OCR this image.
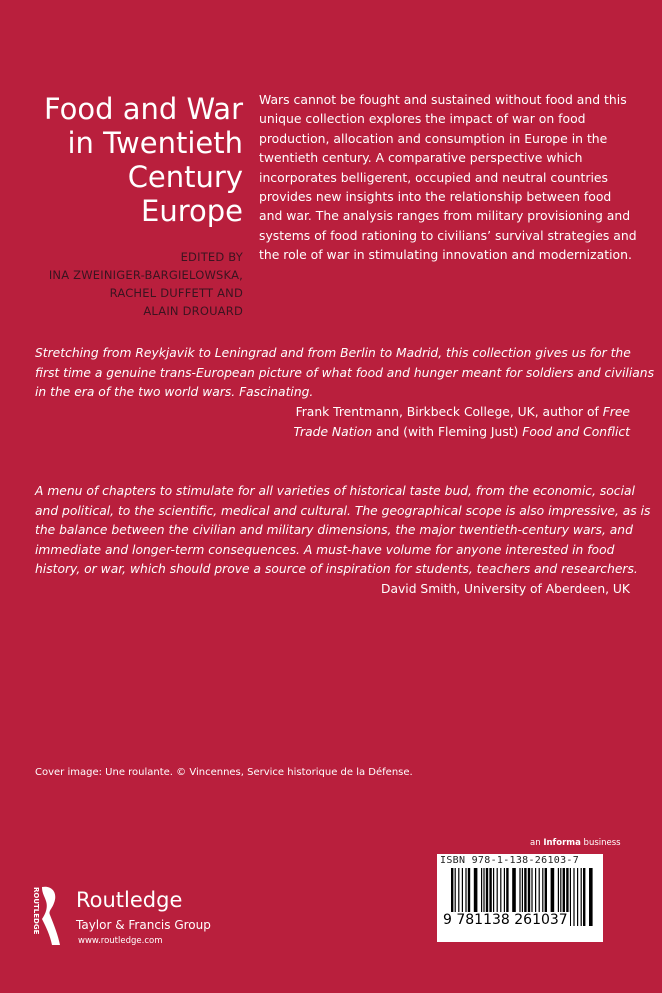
Food and War
in Twentieth
Century
Europe
EDITED BY
INA ZWEINIGER-BARGIELOWSKA,
RACHEL DUFFETT AND
ALAIN DROUARD
Wars cannot be fought and sustained without food and this
unique collection explores the impact of war on food
production, allocation and consumption in Europe in the
twentieth century. A comparative perspective which
incorporates belligerent, occupied and neutral countries
provides new insights into the relationship between food
and war. The analysis ranges from military provisioning and
systems of food rationing to civilians’ survival strategies and
the role of war in stimulating innovation and modernization.
Stretching from Reykjavik to Leningrad and from Berlin to Madrid, this collection gives us for the
first time a genuine trans-European picture of what food and hunger meant for soldiers and civilians
in the era of the two world wars. Fascinating.
Frank Trentmann, Birkbeck College, UK, author of Free
Trade Nation and (with Fleming Just) Food and Conflict
A menu of chapters to stimulate for all varieties of historical taste bud, from the economic, social
and political, to the scientific, medical and cultural. The geographical scope is also impressive, as is
the balance between the civilian and military dimensions, the major twentieth-century wars, and
immediate and longer-term consequences. A must-have volume for anyone interested in food
history, or war, which should prove a source of inspiration for students, teachers and researchers.
David Smith, University of Aberdeen, UK
Cover image: Une roulante. © Vincennes, Service historique de la Défense.
an Informa business
ISBN 978-1-138-26103-7
9 781138 261037
ROUTLEDGE Routledge
Taylor & Francis Group
www.routledge.com
